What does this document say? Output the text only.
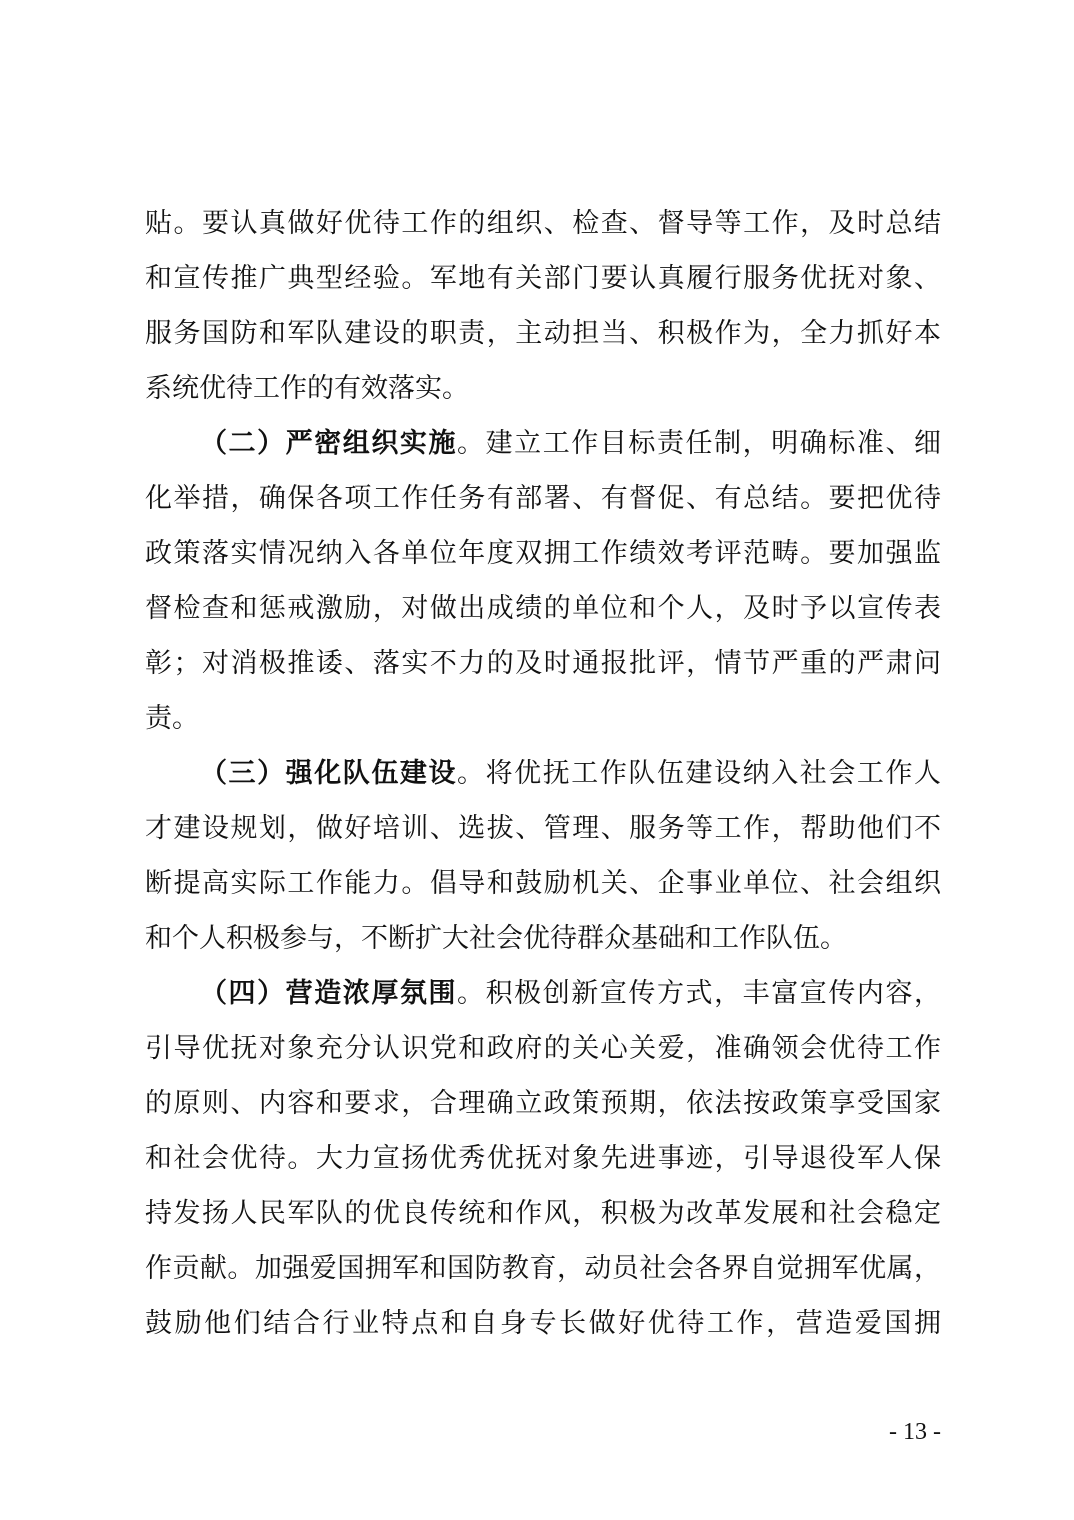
贴。要认真做好优待工作的组织、检查、督导等工作，及时总结
和宣传推广典型经验。军地有关部门要认真履行服务优抚对象、
服务国防和军队建设的职责，主动担当、积极作为，全力抓好本
系统优待工作的有效落实。
（二）严密组织实施。建立工作目标责任制，明确标准、细
化举措，确保各项工作任务有部署、有督促、有总结。要把优待
政策落实情况纳入各单位年度双拥工作绩效考评范畴。要加强监
督检查和惩戒激励，对做出成绩的单位和个人，及时予以宣传表
彰；对消极推诿、落实不力的及时通报批评，情节严重的严肃问
责。
（三）强化队伍建设。将优抚工作队伍建设纳入社会工作人
才建设规划，做好培训、选拔、管理、服务等工作，帮助他们不
断提高实际工作能力。倡导和鼓励机关、企事业单位、社会组织
和个人积极参与，不断扩大社会优待群众基础和工作队伍。
（四）营造浓厚氛围。积极创新宣传方式，丰富宣传内容，
引导优抚对象充分认识党和政府的关心关爱，准确领会优待工作
的原则、内容和要求，合理确立政策预期，依法按政策享受国家
和社会优待。大力宣扬优秀优抚对象先进事迹，引导退役军人保
持发扬人民军队的优良传统和作风，积极为改革发展和社会稳定
作贡献。加强爱国拥军和国防教育，动员社会各界自觉拥军优属，
鼓励他们结合行业特点和自身专长做好优待工作，营造爱国拥
- 13 -
